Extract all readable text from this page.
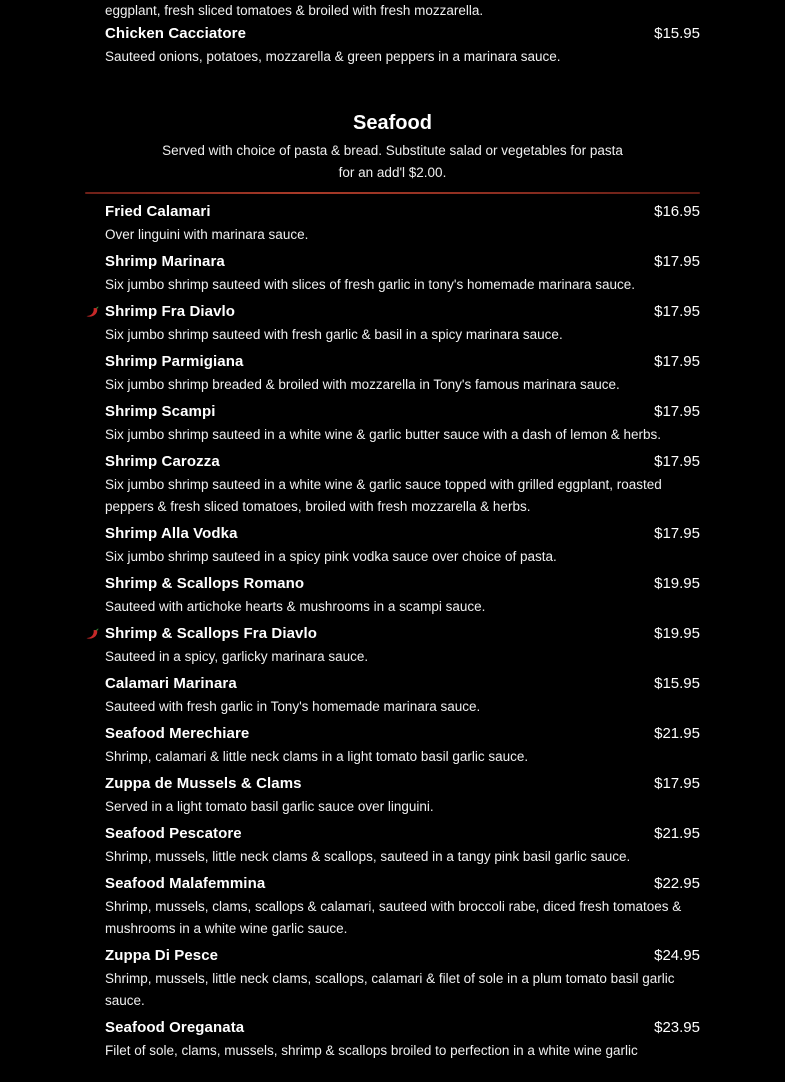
eggplant, fresh sliced tomatoes & broiled with fresh mozzarella.
Chicken Cacciatore	$15.95
Sauteed onions, potatoes, mozzarella & green peppers in a marinara sauce.
Seafood
Served with choice of pasta & bread. Substitute salad or vegetables for pasta for an add'l $2.00.
Fried Calamari	$16.95
Over linguini with marinara sauce.
Shrimp Marinara	$17.95
Six jumbo shrimp sauteed with slices of fresh garlic in tony's homemade marinara sauce.
Shrimp Fra Diavlo	$17.95
Six jumbo shrimp sauteed with fresh garlic & basil in a spicy marinara sauce.
Shrimp Parmigiana	$17.95
Six jumbo shrimp breaded & broiled with mozzarella in Tony's famous marinara sauce.
Shrimp Scampi	$17.95
Six jumbo shrimp sauteed in a white wine & garlic butter sauce with a dash of lemon & herbs.
Shrimp Carozza	$17.95
Six jumbo shrimp sauteed in a white wine & garlic sauce topped with grilled eggplant, roasted peppers & fresh sliced tomatoes, broiled with fresh mozzarella & herbs.
Shrimp Alla Vodka	$17.95
Six jumbo shrimp sauteed in a spicy pink vodka sauce over choice of pasta.
Shrimp & Scallops Romano	$19.95
Sauteed with artichoke hearts & mushrooms in a scampi sauce.
Shrimp & Scallops Fra Diavlo	$19.95
Sauteed in a spicy, garlicky marinara sauce.
Calamari Marinara	$15.95
Sauteed with fresh garlic in Tony's homemade marinara sauce.
Seafood Merechiare	$21.95
Shrimp, calamari & little neck clams in a light tomato basil garlic sauce.
Zuppa de Mussels & Clams	$17.95
Served in a light tomato basil garlic sauce over linguini.
Seafood Pescatore	$21.95
Shrimp, mussels, little neck clams & scallops, sauteed in a tangy pink basil garlic sauce.
Seafood Malafemmina	$22.95
Shrimp, mussels, clams, scallops & calamari, sauteed with broccoli rabe, diced fresh tomatoes & mushrooms in a white wine garlic sauce.
Zuppa Di Pesce	$24.95
Shrimp, mussels, little neck clams, scallops, calamari & filet of sole in a plum tomato basil garlic sauce.
Seafood Oreganata	$23.95
Filet of sole, clams, mussels, shrimp & scallops broiled to perfection in a white wine garlic
